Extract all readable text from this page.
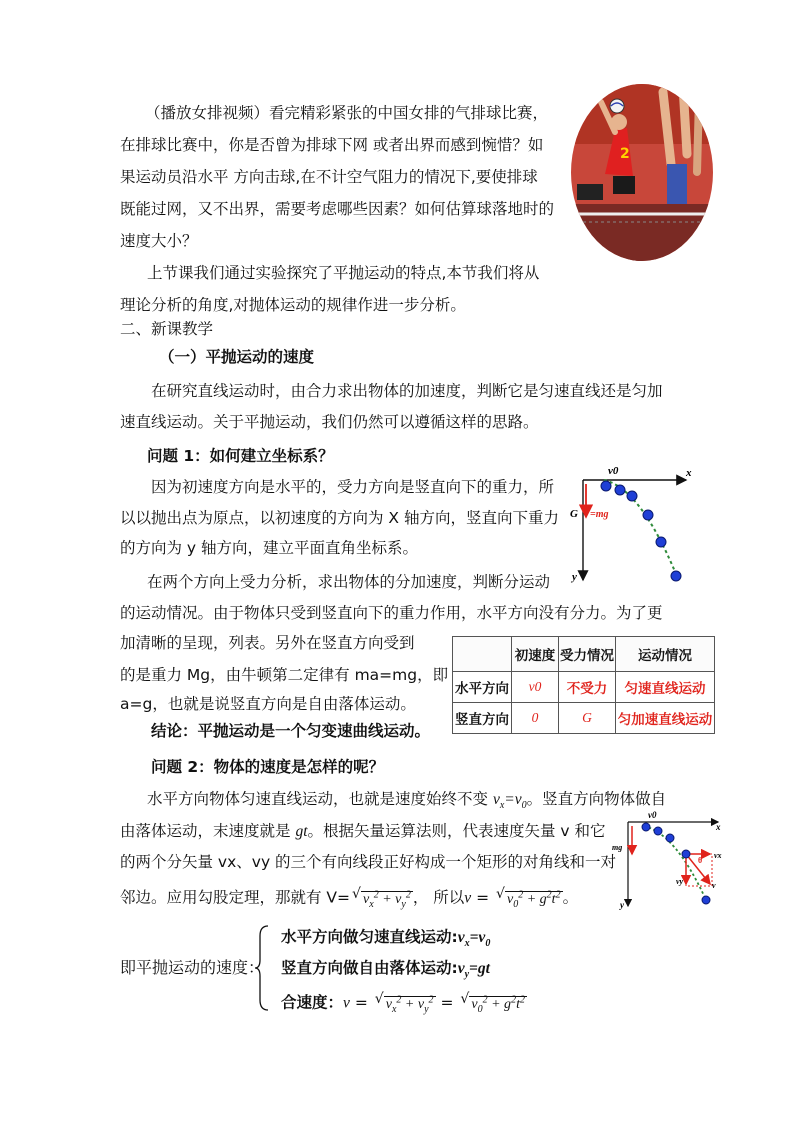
（播放女排视频）看完精彩紧张的中国女排的气排球比赛，
在排球比赛中，你是否曾为排球下网 或者出界而感到惋惜？如
果运动员沿水平 方向击球,在不计空气阻力的情况下,要使排球
既能过网，又不出界，需要考虑哪些因素？如何估算球落地时的
速度大小？
上节课我们通过实验探究了平抛运动的特点,本节我们将从
理论分析的角度,对抛体运动的规律作进一步分析。
2
二、新课教学
（一）平抛运动的速度
在研究直线运动时，由合力求出物体的加速度，判断它是匀速直线还是匀加
速直线运动。关于平抛运动，我们仍然可以遵循这样的思路。
问题 1：如何建立坐标系？
因为初速度方向是水平的，受力方向是竖直向下的重力，所
以以抛出点为原点，以初速度的方向为 X 轴方向，竖直向下重力
的方向为 y 轴方向，建立平面直角坐标系。
x
y
v0
G =mg
在两个方向上受力分析，求出物体的分加速度，判断分运动
的运动情况。由于物体只受到竖直向下的重力作用，水平方向没有分力。为了更
加清晰的呈现，列表。另外在竖直方向受到
的是重力 Mg，由牛顿第二定律有 ma=mg，即
a=g，也就是说竖直方向是自由落体运动。
结论：平抛运动是一个匀变速曲线运动。
	初速度	受力情况	运动情况
水平方向	v0	不受力	匀速直线运动
竖直方向	0	G	匀加速直线运动
问题 2：物体的速度是怎样的呢？
水平方向物体匀速直线运动，也就是速度始终不变 $v_x=v_0$。竖直方向物体做自
由落体运动，末速度就是 gt。根据矢量运算法则，代表速度矢量 v 和它
的两个分矢量 vx、vy 的三个有向线段正好构成一个矩形的对角线和一对
邻边。应用勾股定理，那就有 V= √ $v_x^2 + v_y^2$ ， 所以v = √ $v_0^2 + g^2t^2$ 。
x
y
v0
mg
θ
vx
vy	v
即平抛运动的速度：
水平方向做匀速直线运动$:v_x=v_0$
竖直方向做自由落体运动$:v_y=gt$
合速度：v = √ $v_x^2 + v_y^2$ = √ $v_0^2 + g^2t^2$
